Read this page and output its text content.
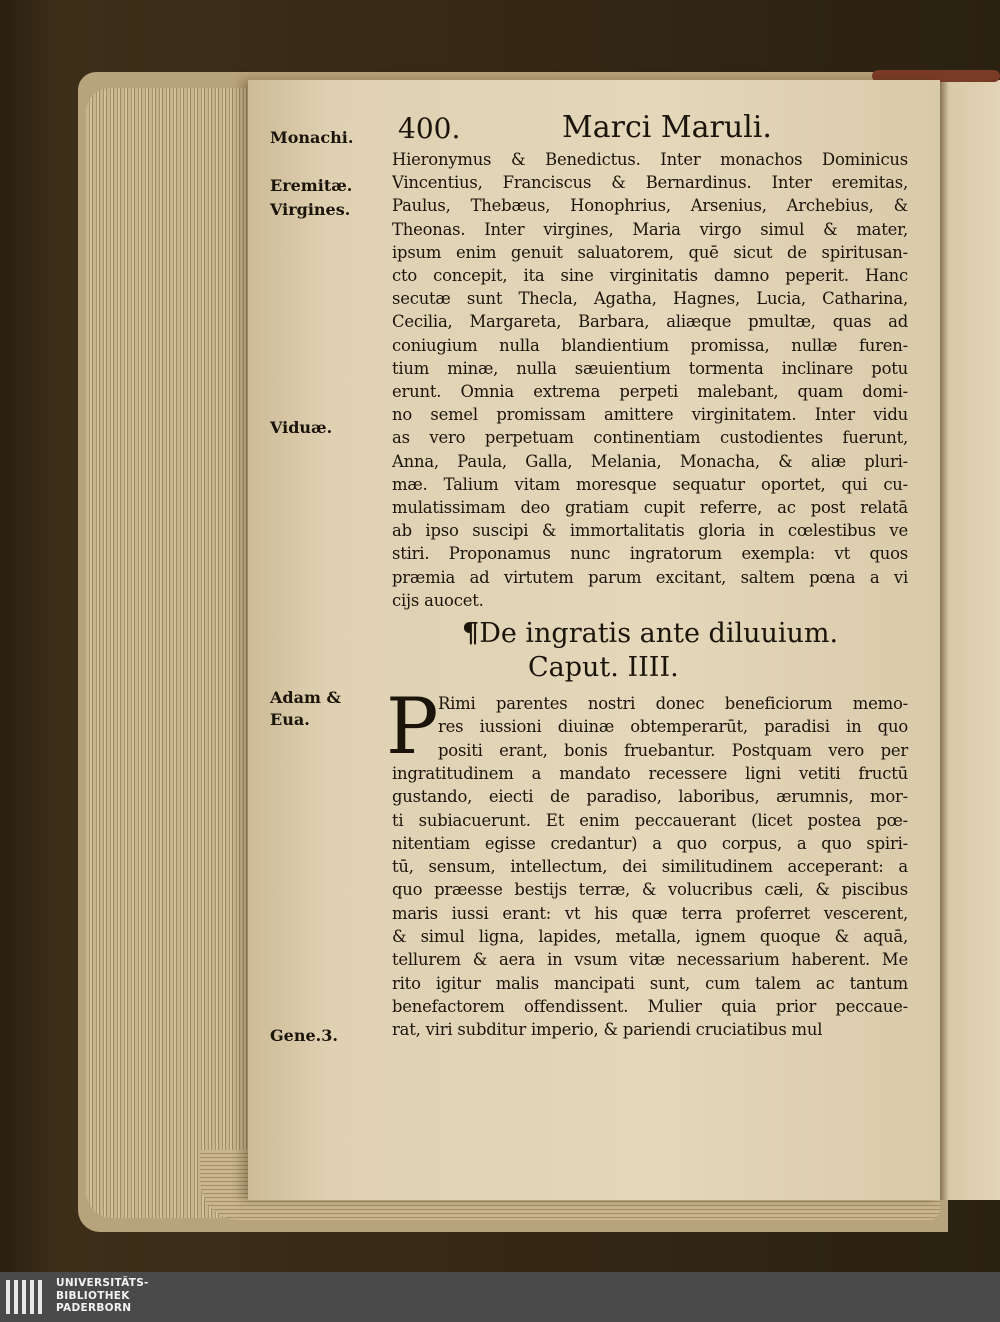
400.	Marci Maruli.
Monachi.
Eremitæ.
Virgines.
Viduæ.
Adam &
Eua.
Gene.3.
Hieronymus & Benedictus. Inter monachos Dominicus
Vincentius, Franciscus & Bernardinus. Inter eremitas,
Paulus, Thebæus, Honophrius, Arsenius, Archebius, &
Theonas. Inter virgines, Maria virgo simul & mater,
ipsum enim genuit saluatorem, quē sicut de spiritusan-
cto concepit, ita sine virginitatis damno peperit. Hanc
secutæ sunt Thecla, Agatha, Hagnes, Lucia, Catharina,
Cecilia, Margareta, Barbara, aliæque pmultæ, quas ad
coniugium nulla blandientium promissa, nullæ furen-
tium minæ, nulla sæuientium tormenta inclinare potu
erunt. Omnia extrema perpeti malebant, quam domi-
no semel promissam amittere virginitatem. Inter vidu
as vero perpetuam continentiam custodientes fuerunt,
Anna, Paula, Galla, Melania, Monacha, & aliæ pluri-
mæ. Talium vitam moresque sequatur oportet, qui cu-
mulatissimam deo gratiam cupit referre, ac post relatā
ab ipso suscipi & immortalitatis gloria in cœlestibus ve
stiri. Proponamus nunc ingratorum exempla: vt quos
præmia ad virtutem parum excitant, saltem pœna a vi
cijs auocet.
¶De ingratis ante diluuium.
Caput. IIII.
P Rimi parentes nostri donec beneficiorum memo-
res iussioni diuinæ obtemperarūt, paradisi in quo
positi erant, bonis fruebantur. Postquam vero per
ingratitudinem a mandato recessere ligni vetiti fructū
gustando, eiecti de paradiso, laboribus, ærumnis, mor-
ti subiacuerunt. Et enim peccauerant (licet postea pœ-
nitentiam egisse credantur) a quo corpus, a quo spiri-
tū, sensum, intellectum, dei similitudinem acceperant: a
quo præesse bestijs terræ, & volucribus cæli, & piscibus
maris iussi erant: vt his quæ terra proferret vescerent,
& simul ligna, lapides, metalla, ignem quoque & aquā,
tellurem & aera in vsum vitæ necessarium haberent. Me
rito igitur malis mancipati sunt, cum talem ac tantum
benefactorem offendissent. Mulier quia prior peccaue-
rat, viri subditur imperio, & pariendi cruciatibus mul
UNIVERSITÄTS-
BIBLIOTHEK
PADERBORN
